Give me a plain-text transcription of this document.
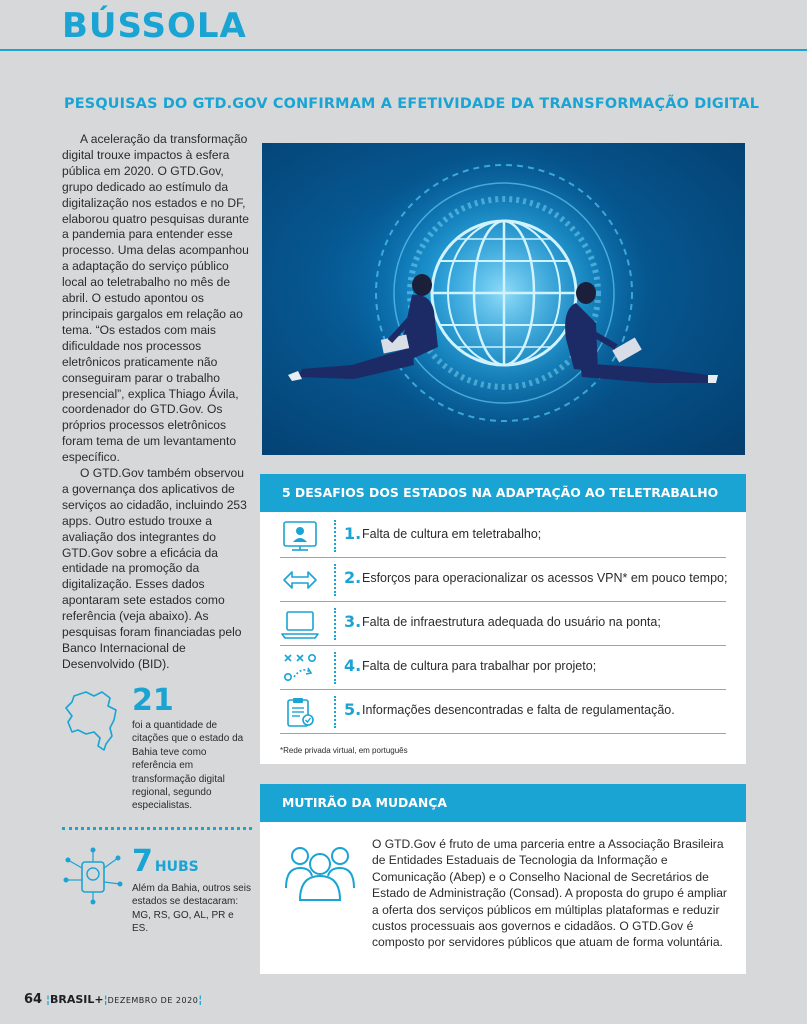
BÚSSOLA
PESQUISAS DO GTD.GOV CONFIRMAM A EFETIVIDADE DA TRANSFORMAÇÃO DIGITAL

A aceleração da transformação digital trouxe impactos à esfera pública em 2020. O GTD.Gov, grupo dedicado ao estímulo da digitalização nos estados e no DF, elaborou quatro pesquisas durante a pandemia para entender esse processo. Uma delas acompanhou a adaptação do serviço público local ao teletrabalho no mês de abril. O estudo apontou os principais gargalos em relação ao tema. “Os estados com mais dificuldade nos processos eletrônicos praticamente não conseguiram parar o trabalho presencial”, explica Thiago Ávila, coordenador do GTD.Gov. Os próprios processos eletrônicos foram tema de um levantamento específico.

O GTD.Gov também observou a governança dos aplicativos de serviços ao cidadão, incluindo 253 apps. Outro estudo trouxe a avaliação dos integrantes do GTD.Gov sobre a eficácia da entidade na promoção da digitalização. Esses dados apontaram sete estados como referência (veja abaixo). As pesquisas foram financiadas pelo Banco Internacional de Desenvolvido (BID).

21
foi a quantidade de citações que o estado da Bahia teve como referência em transformação digital regional, segundo especialistas.
7 HUBS
Além da Bahia, outros seis estados se destacaram: MG, RS, GO, AL, PR e ES.
5 DESAFIOS DOS ESTADOS NA ADAPTAÇÃO AO TELETRABALHO
1. Falta de cultura em teletrabalho;
2. Esforços para operacionalizar os acessos VPN* em pouco tempo;
3. Falta de infraestrutura adequada do usuário na ponta;
4. Falta de cultura para trabalhar por projeto;
5. Informações desencontradas e falta de regulamentação.
*Rede privada virtual, em português
MUTIRÃO DA MUDANÇA
O GTD.Gov é fruto de uma parceria entre a Associação Brasileira de Entidades Estaduais de Tecnologia da Informação e Comunicação (Abep) e o Conselho Nacional de Secretários de Estado de Administração (Consad). A proposta do grupo é ampliar a oferta dos serviços públicos em múltiplas plataformas e reduzir custos processuais aos governos e cidadãos. O GTD.Gov é composto por servidores públicos que atuam de forma voluntária.
64 ¦BRASIL+¦DEZEMBRO DE 2020¦
